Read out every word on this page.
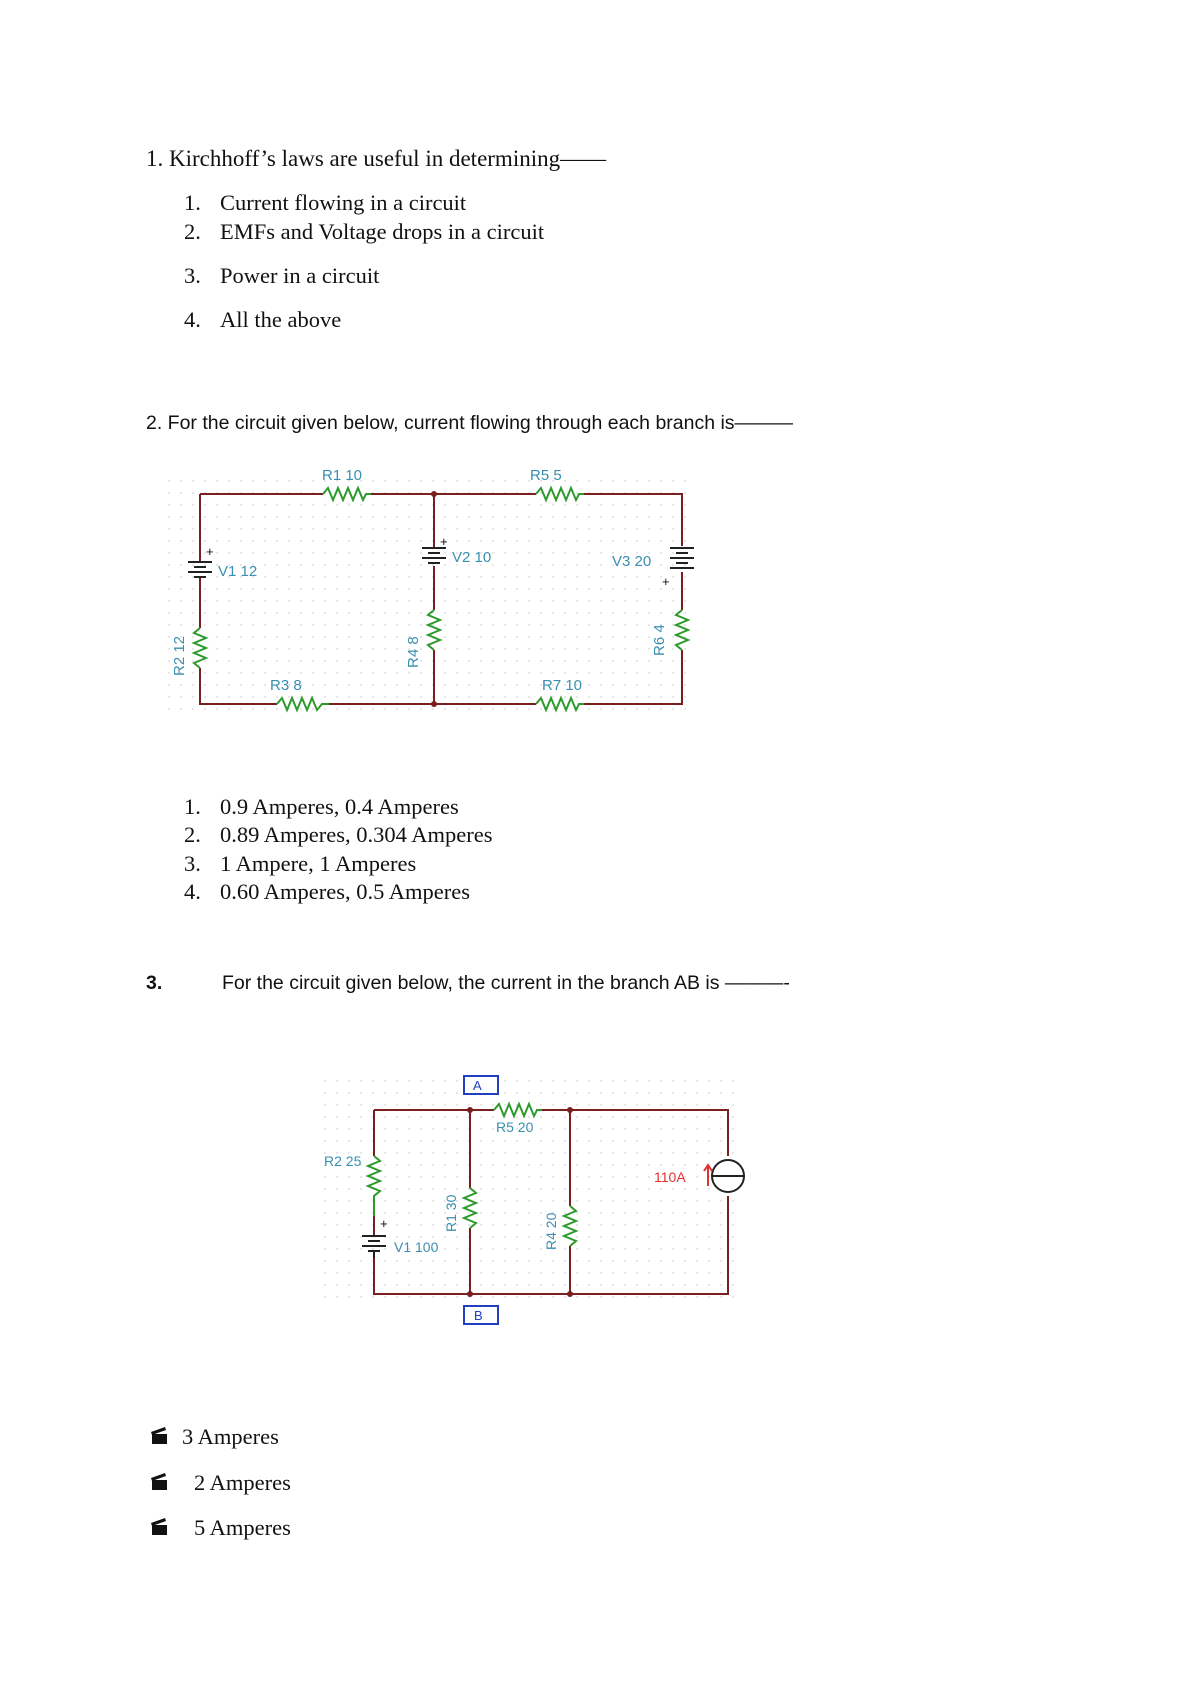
1. Kirchhoff’s laws are useful in determining——
1. Current flowing in a circuit
2. EMFs and Voltage drops in a circuit
3. Power in a circuit
4. All the above
2. For the circuit given below, current flowing through each branch is———
R1 10	R5 5
V1 12
V2 10	V3 20
R3 8	R7 10
R2 12	R4 8	R6 4
+
+
+
A
B
R5 20
R2 25
V1 100
R1 30	R4 20
110A
+
1. 0.9 Amperes, 0.4 Amperes
2. 0.89 Amperes, 0.304 Amperes
3. 1 Ampere, 1 Amperes
4. 0.60 Amperes, 0.5 Amperes
3.	For the circuit given below, the current in the branch AB is ———-
3 Amperes
2 Amperes
5 Amperes
